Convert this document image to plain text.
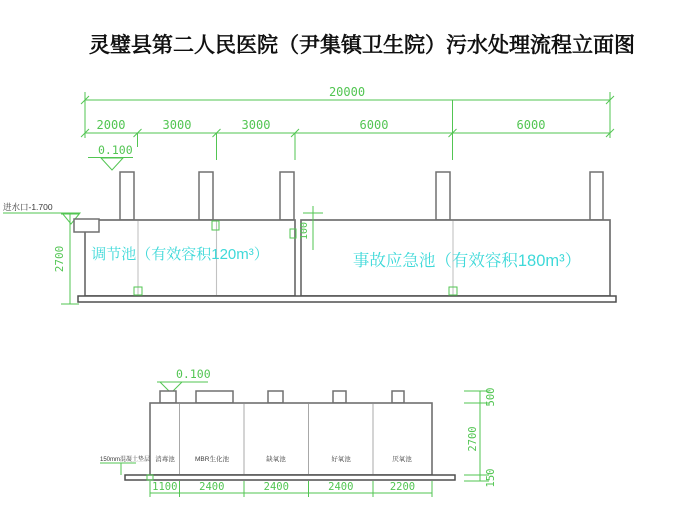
灵璧县第二人民医院（尹集镇卫生院）污水处理流程立面图
20000
2000	3000	3000	6000	6000
0.100
100
进水口-1.700
2700 调节池（有效容积120m³）	事故应急池（有效容积180m³）
0.100
消毒池	MBR生化池	缺氧池	好氧池	厌氧池
150mm混凝土垫层
1100 2400	2400	2400	2200
500
2700
150
